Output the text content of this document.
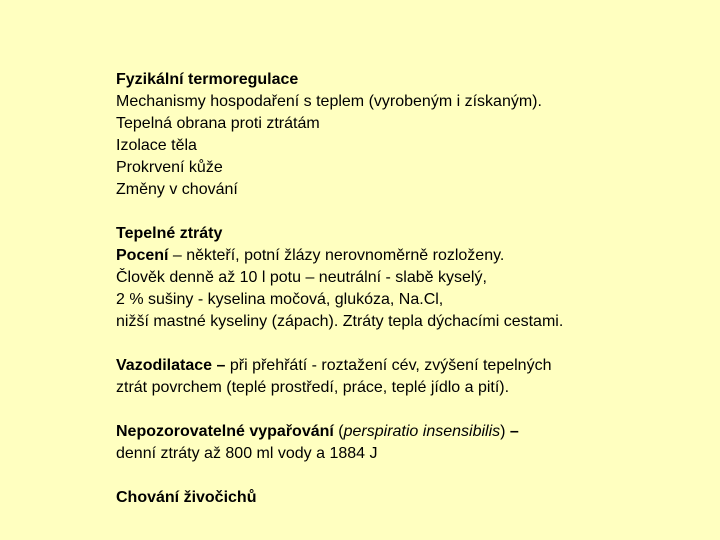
Fyzikální termoregulace
Mechanismy hospodaření s teplem (vyrobeným i získaným).
Tepelná obrana proti ztrátám
Izolace těla
Prokrvení kůže
Změny v chování
Tepelné ztráty
Pocení – někteří, potní žlázy nerovnoměrně rozloženy.
Člověk denně až 10 l potu – neutrální - slabě kyselý,
2 % sušiny - kyselina močová, glukóza, Na.Cl,
nižší mastné kyseliny (zápach). Ztráty tepla dýchacími cestami.
Vazodilatace – při přehřátí - roztažení cév, zvýšení tepelných
ztrát povrchem (teplé prostředí, práce, teplé jídlo a pití).
Nepozorovatelné vypařování (perspiratio insensibilis) –
denní ztráty až 800 ml vody a 1884 J
Chování živočichů
